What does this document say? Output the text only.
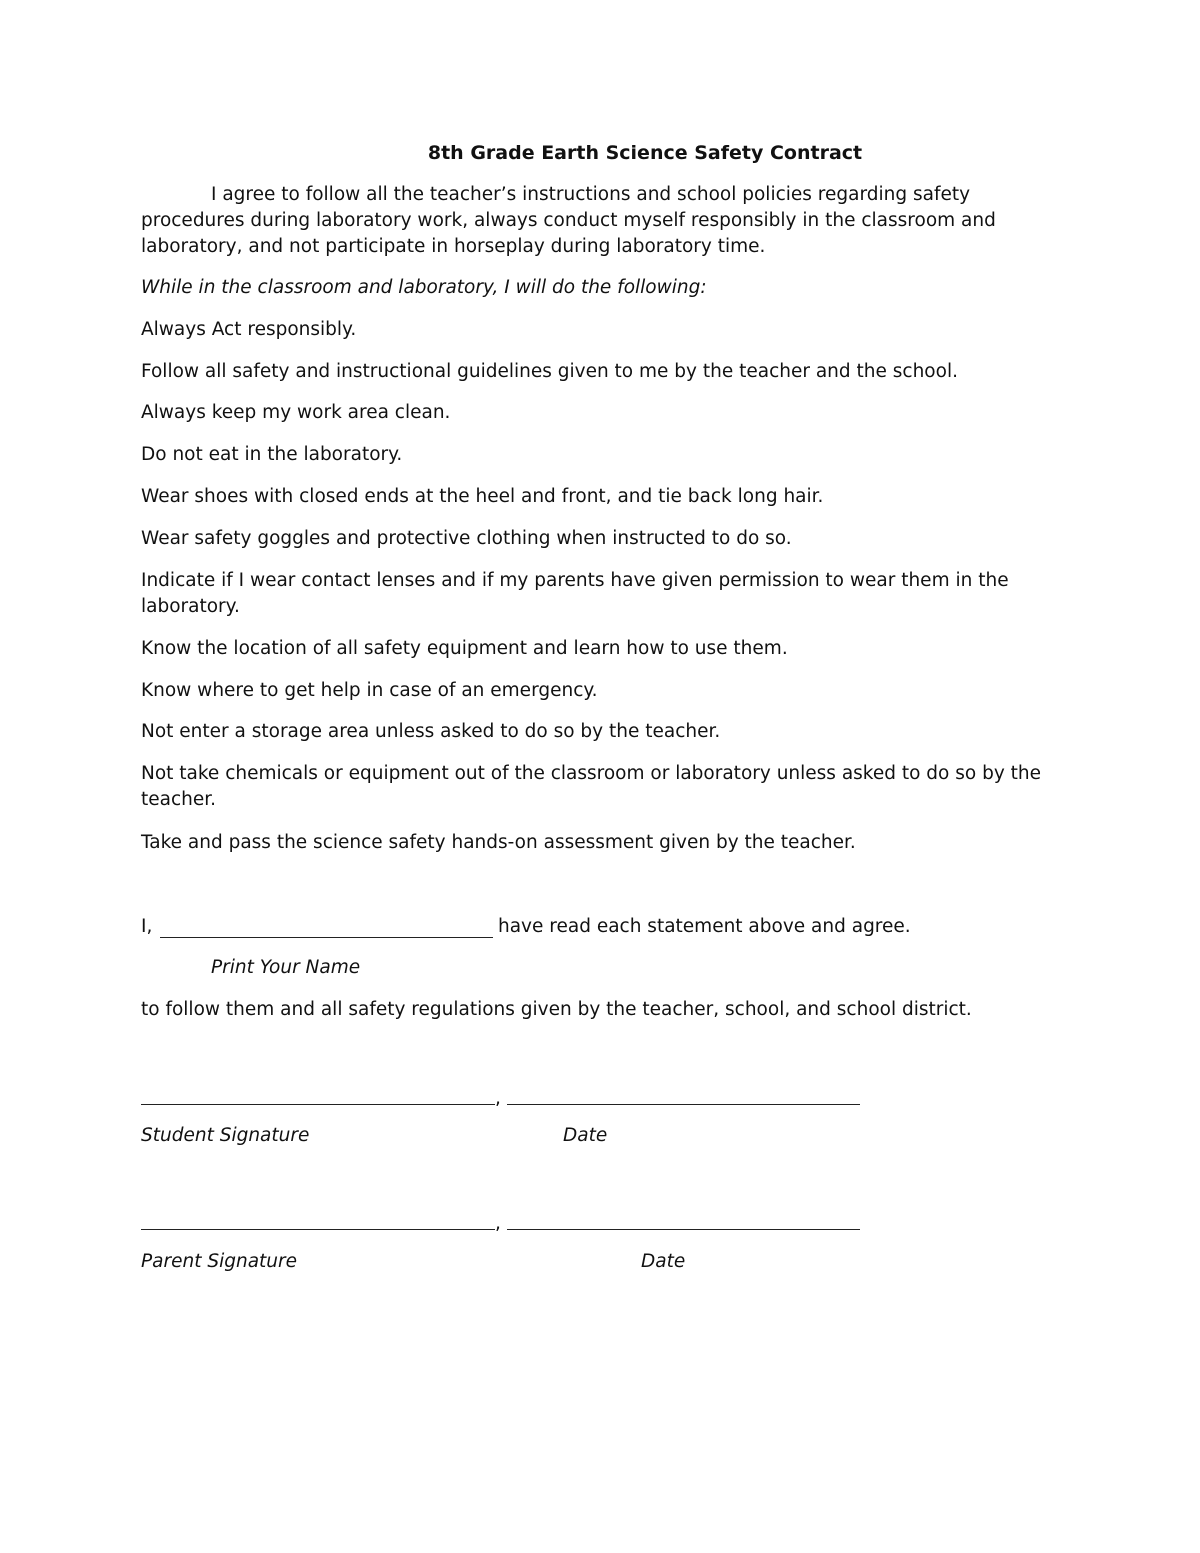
8th Grade Earth Science Safety Contract
I agree to follow all the teacher’s instructions and school policies regarding safety procedures during laboratory work, always conduct myself responsibly in the classroom and laboratory, and not participate in horseplay during laboratory time.
While in the classroom and laboratory, I will do the following:
Always Act responsibly.
Follow all safety and instructional guidelines given to me by the teacher and the school.
Always keep my work area clean.
Do not eat in the laboratory.
Wear shoes with closed ends at the heel and front, and tie back long hair.
Wear safety goggles and protective clothing when instructed to do so.
Indicate if I wear contact lenses and if my parents have given permission to wear them in the laboratory.
Know the location of all safety equipment and learn how to use them.
Know where to get help in case of an emergency.
Not enter a storage area unless asked to do so by the teacher.
Not take chemicals or equipment out of the classroom or laboratory unless asked to do so by the teacher.
Take and pass the science safety hands-on assessment given by the teacher.
I,	have read each statement above and agree.
Print Your Name
to follow them and all safety regulations given by the teacher, school, and school district.
,
Student Signature	Date
,
Parent Signature	Date
